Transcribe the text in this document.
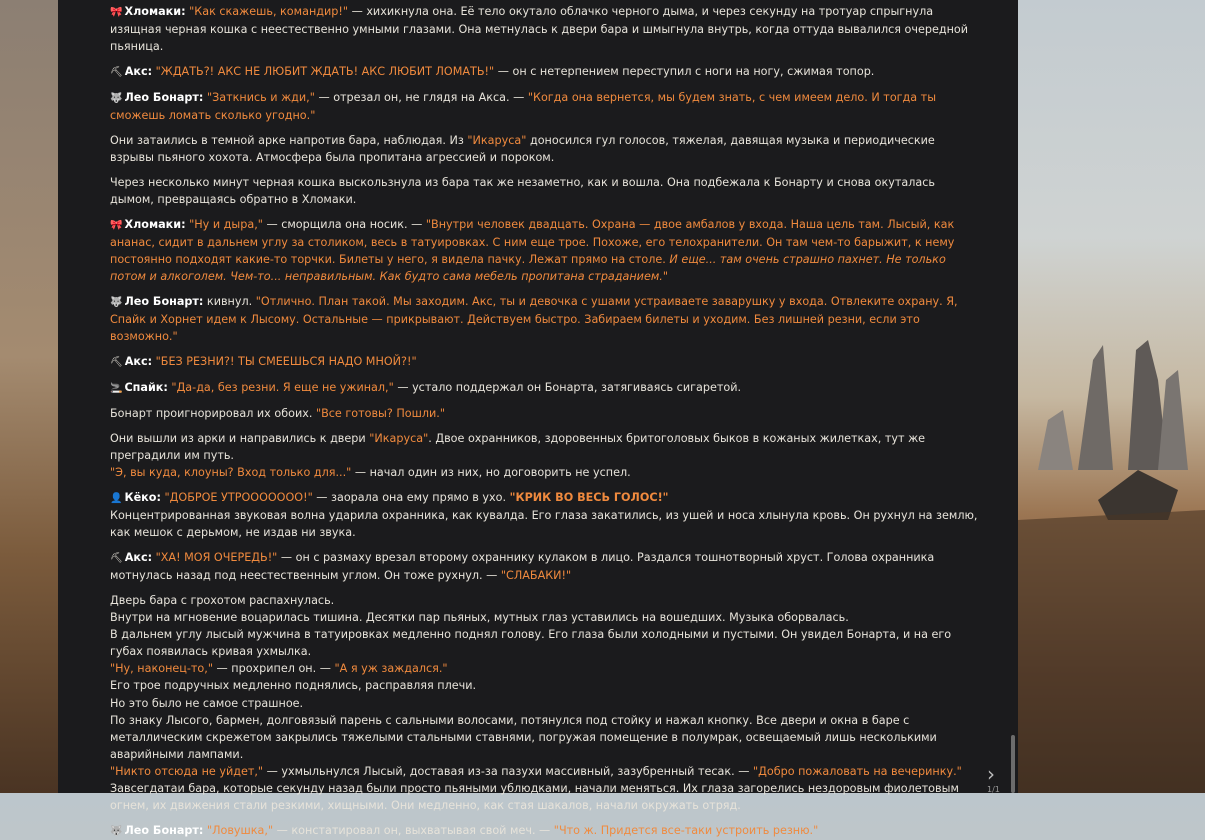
🎀 Хломаки: "Как скажешь, командир!" — хихикнула она. Её тело окутало облачко черного дыма, и через секунду на тротуар спрыгнула изящная черная кошка с неестественно умными глазами. Она метнулась к двери бара и шмыгнула внутрь, когда оттуда вывалился очередной пьяница.

⛏ Акс: "ЖДАТЬ?! АКС НЕ ЛЮБИТ ЖДАТЬ! АКС ЛЮБИТ ЛОМАТЬ!" — он с нетерпением переступил с ноги на ногу, сжимая топор.

🐺 Лео Бонарт: "Заткнись и жди," — отрезал он, не глядя на Акса. — "Когда она вернется, мы будем знать, с чем имеем дело. И тогда ты сможешь ломать сколько угодно."

Они затаились в темной арке напротив бара, наблюдая. Из "Икаруса" доносился гул голосов, тяжелая, давящая музыка и периодические взрывы пьяного хохота. Атмосфера была пропитана агрессией и пороком.

Через несколько минут черная кошка выскользнула из бара так же незаметно, как и вошла. Она подбежала к Бонарту и снова окуталась дымом, превращаясь обратно в Хломаки.

🎀 Хломаки: "Ну и дыра," — сморщила она носик. — "Внутри человек двадцать. Охрана — двое амбалов у входа. Наша цель там. Лысый, как ананас, сидит в дальнем углу за столиком, весь в татуировках. С ним еще трое. Похоже, его телохранители. Он там чем-то барыжит, к нему постоянно подходят какие-то торчки. Билеты у него, я видела пачку. Лежат прямо на столе. И еще... там очень страшно пахнет. Не только потом и алкоголем. Чем-то... неправильным. Как будто сама мебель пропитана страданием."

🐺 Лео Бонарт: кивнул. "Отлично. План такой. Мы заходим. Акс, ты и девочка с ушами устраиваете заварушку у входа. Отвлеките охрану. Я, Спайк и Хорнет идем к Лысому. Остальные — прикрывают. Действуем быстро. Забираем билеты и уходим. Без лишней резни, если это возможно."

⛏ Акс: "БЕЗ РЕЗНИ?! ТЫ СМЕЕШЬСЯ НАДО МНОЙ?!"

🚬 Спайк: "Да-да, без резни. Я еще не ужинал," — устало поддержал он Бонарта, затягиваясь сигаретой.

Бонарт проигнорировал их обоих. "Все готовы? Пошли."

Они вышли из арки и направились к двери "Икаруса". Двое охранников, здоровенных бритоголовых быков в кожаных жилетках, тут же преградили им путь.
"Э, вы куда, клоуны? Вход только для..." — начал один из них, но договорить не успел.

👤 Кёко: "ДОБРОЕ УТРООООООО!" — заорала она ему прямо в ухо. "КРИК ВО ВЕСЬ ГОЛОС!"
Концентрированная звуковая волна ударила охранника, как кувалда. Его глаза закатились, из ушей и носа хлынула кровь. Он рухнул на землю, как мешок с дерьмом, не издав ни звука.

⛏ Акс: "ХА! МОЯ ОЧЕРЕДЬ!" — он с размаху врезал второму охраннику кулаком в лицо. Раздался тошнотворный хруст. Голова охранника мотнулась назад под неестественным углом. Он тоже рухнул. — "СЛАБАКИ!"

Дверь бара с грохотом распахнулась.
Внутри на мгновение воцарилась тишина. Десятки пар пьяных, мутных глаз уставились на вошедших. Музыка оборвалась.
В дальнем углу лысый мужчина в татуировках медленно поднял голову. Его глаза были холодными и пустыми. Он увидел Бонарта, и на его губах появилась кривая ухмылка.
"Ну, наконец-то," — прохрипел он. — "А я уж заждался."
Его трое подручных медленно поднялись, расправляя плечи.
Но это было не самое страшное.
По знаку Лысого, бармен, долговязый парень с сальными волосами, потянулся под стойку и нажал кнопку. Все двери и окна в баре с металлическим скрежетом закрылись тяжелыми стальными ставнями, погружая помещение в полумрак, освещаемый лишь несколькими аварийными лампами.
"Никто отсюда не уйдет," — ухмыльнулся Лысый, доставая из-за пазухи массивный, зазубренный тесак. — "Добро пожаловать на вечеринку."
Завсегдатаи бара, которые секунду назад были просто пьяными ублюдками, начали меняться. Их глаза загорелись нездоровым фиолетовым огнем, их движения стали резкими, хищными. Они медленно, как стая шакалов, начали окружать отряд.

🐺 Лео Бонарт: "Ловушка," — констатировал он, выхватывая свой меч. — "Что ж. Придется все-таки устроить резню."

›
1/1
